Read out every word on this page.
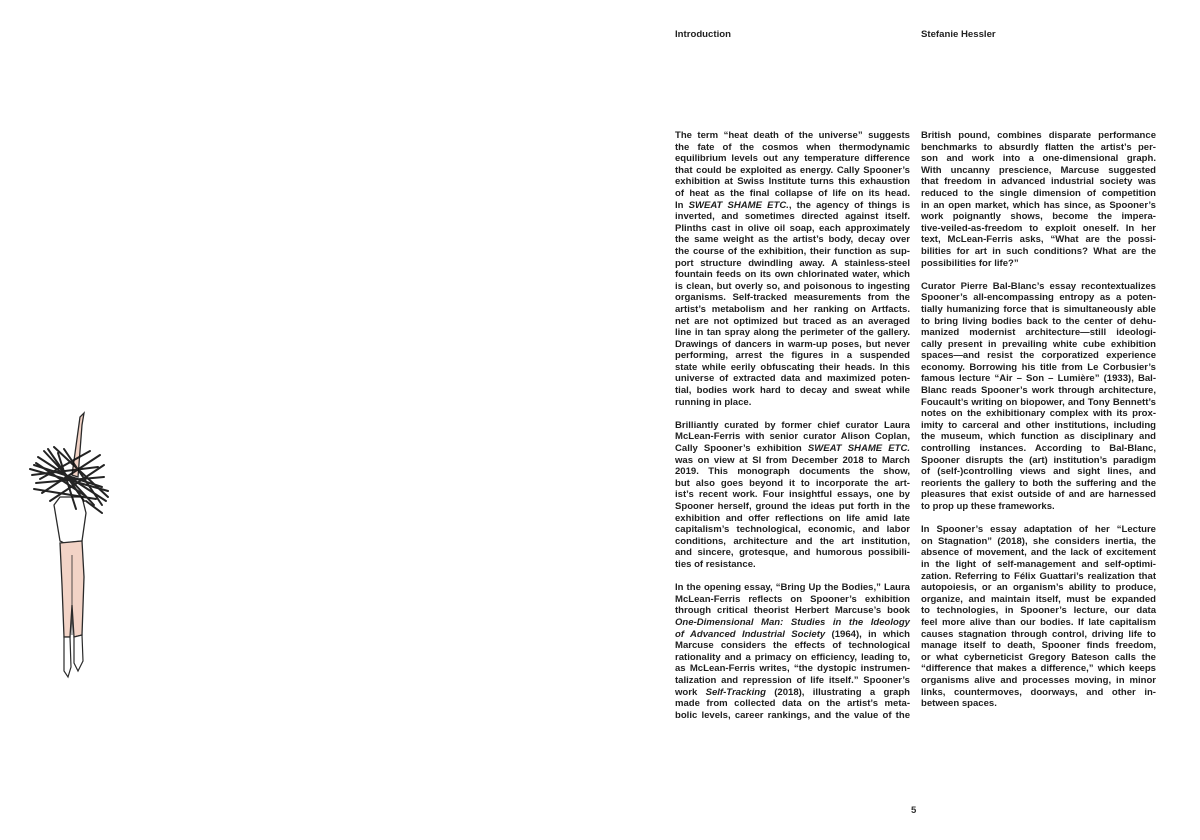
Introduction	Stefanie Hessler
The term “heat death of the universe” suggests
the fate of the cosmos when thermodynamic
equilibrium levels out any temperature difference
that could be exploited as energy. Cally Spooner’s
exhibition at Swiss Institute turns this exhaustion
of heat as the final collapse of life on its head.
In SWEAT SHAME ETC., the agency of things is
inverted, and sometimes directed against itself.
Plinths cast in olive oil soap, each approximately
the same weight as the artist’s body, decay over
the course of the exhibition, their function as sup-
port structure dwindling away. A stainless-steel
fountain feeds on its own chlorinated water, which
is clean, but overly so, and poisonous to ingesting
organisms. Self-tracked measurements from the
artist’s metabolism and her ranking on Artfacts.
net are not optimized but traced as an averaged
line in tan spray along the perimeter of the gallery.
Drawings of dancers in warm-up poses, but never
performing, arrest the figures in a suspended
state while eerily obfuscating their heads. In this
universe of extracted data and maximized poten-
tial, bodies work hard to decay and sweat while
running in place.
Brilliantly curated by former chief curator Laura
McLean-Ferris with senior curator Alison Coplan,
Cally Spooner’s exhibition SWEAT SHAME ETC.
was on view at SI from December 2018 to March
2019. This monograph documents the show,
but also goes beyond it to incorporate the art-
ist’s recent work. Four insightful essays, one by
Spooner herself, ground the ideas put forth in the
exhibition and offer reflections on life amid late
capitalism’s technological, economic, and labor
conditions, architecture and the art institution,
and sincere, grotesque, and humorous possibili-
ties of resistance.
In the opening essay, “Bring Up the Bodies,” Laura
McLean-Ferris reflects on Spooner’s exhibition
through critical theorist Herbert Marcuse’s book
One-Dimensional Man: Studies in the Ideology
of Advanced Industrial Society (1964), in which
Marcuse considers the effects of technological
rationality and a primacy on efficiency, leading to,
as McLean-Ferris writes, “the dystopic instrumen-
talization and repression of life itself.” Spooner’s
work Self-Tracking (2018), illustrating a graph
made from collected data on the artist’s meta-
bolic levels, career rankings, and the value of the
British pound, combines disparate performance
benchmarks to absurdly flatten the artist’s per-
son and work into a one-dimensional graph.
With uncanny prescience, Marcuse suggested
that freedom in advanced industrial society was
reduced to the single dimension of competition
in an open market, which has since, as Spooner’s
work poignantly shows, become the impera-
tive-veiled-as-freedom to exploit oneself. In her
text, McLean-Ferris asks, “What are the possi-
bilities for art in such conditions? What are the
possibilities for life?”
Curator Pierre Bal-Blanc’s essay recontextualizes
Spooner’s all-encompassing entropy as a poten-
tially humanizing force that is simultaneously able
to bring living bodies back to the center of dehu-
manized modernist architecture—still ideologi-
cally present in prevailing white cube exhibition
spaces—and resist the corporatized experience
economy. Borrowing his title from Le Corbusier’s
famous lecture “Air – Son – Lumière” (1933), Bal-
Blanc reads Spooner’s work through architecture,
Foucault’s writing on biopower, and Tony Bennett’s
notes on the exhibitionary complex with its prox-
imity to carceral and other institutions, including
the museum, which function as disciplinary and
controlling instances. According to Bal-Blanc,
Spooner disrupts the (art) institution’s paradigm
of (self-)controlling views and sight lines, and
reorients the gallery to both the suffering and the
pleasures that exist outside of and are harnessed
to prop up these frameworks.
In Spooner’s essay adaptation of her “Lecture
on Stagnation” (2018), she considers inertia, the
absence of movement, and the lack of excitement
in the light of self-management and self-optimi-
zation. Referring to Félix Guattari’s realization that
autopoiesis, or an organism’s ability to produce,
organize, and maintain itself, must be expanded
to technologies, in Spooner’s lecture, our data
feel more alive than our bodies. If late capitalism
causes stagnation through control, driving life to
manage itself to death, Spooner finds freedom,
or what cyberneticist Gregory Bateson calls the
“difference that makes a difference,” which keeps
organisms alive and processes moving, in minor
links, countermoves, doorways, and other in-
between spaces.
5
